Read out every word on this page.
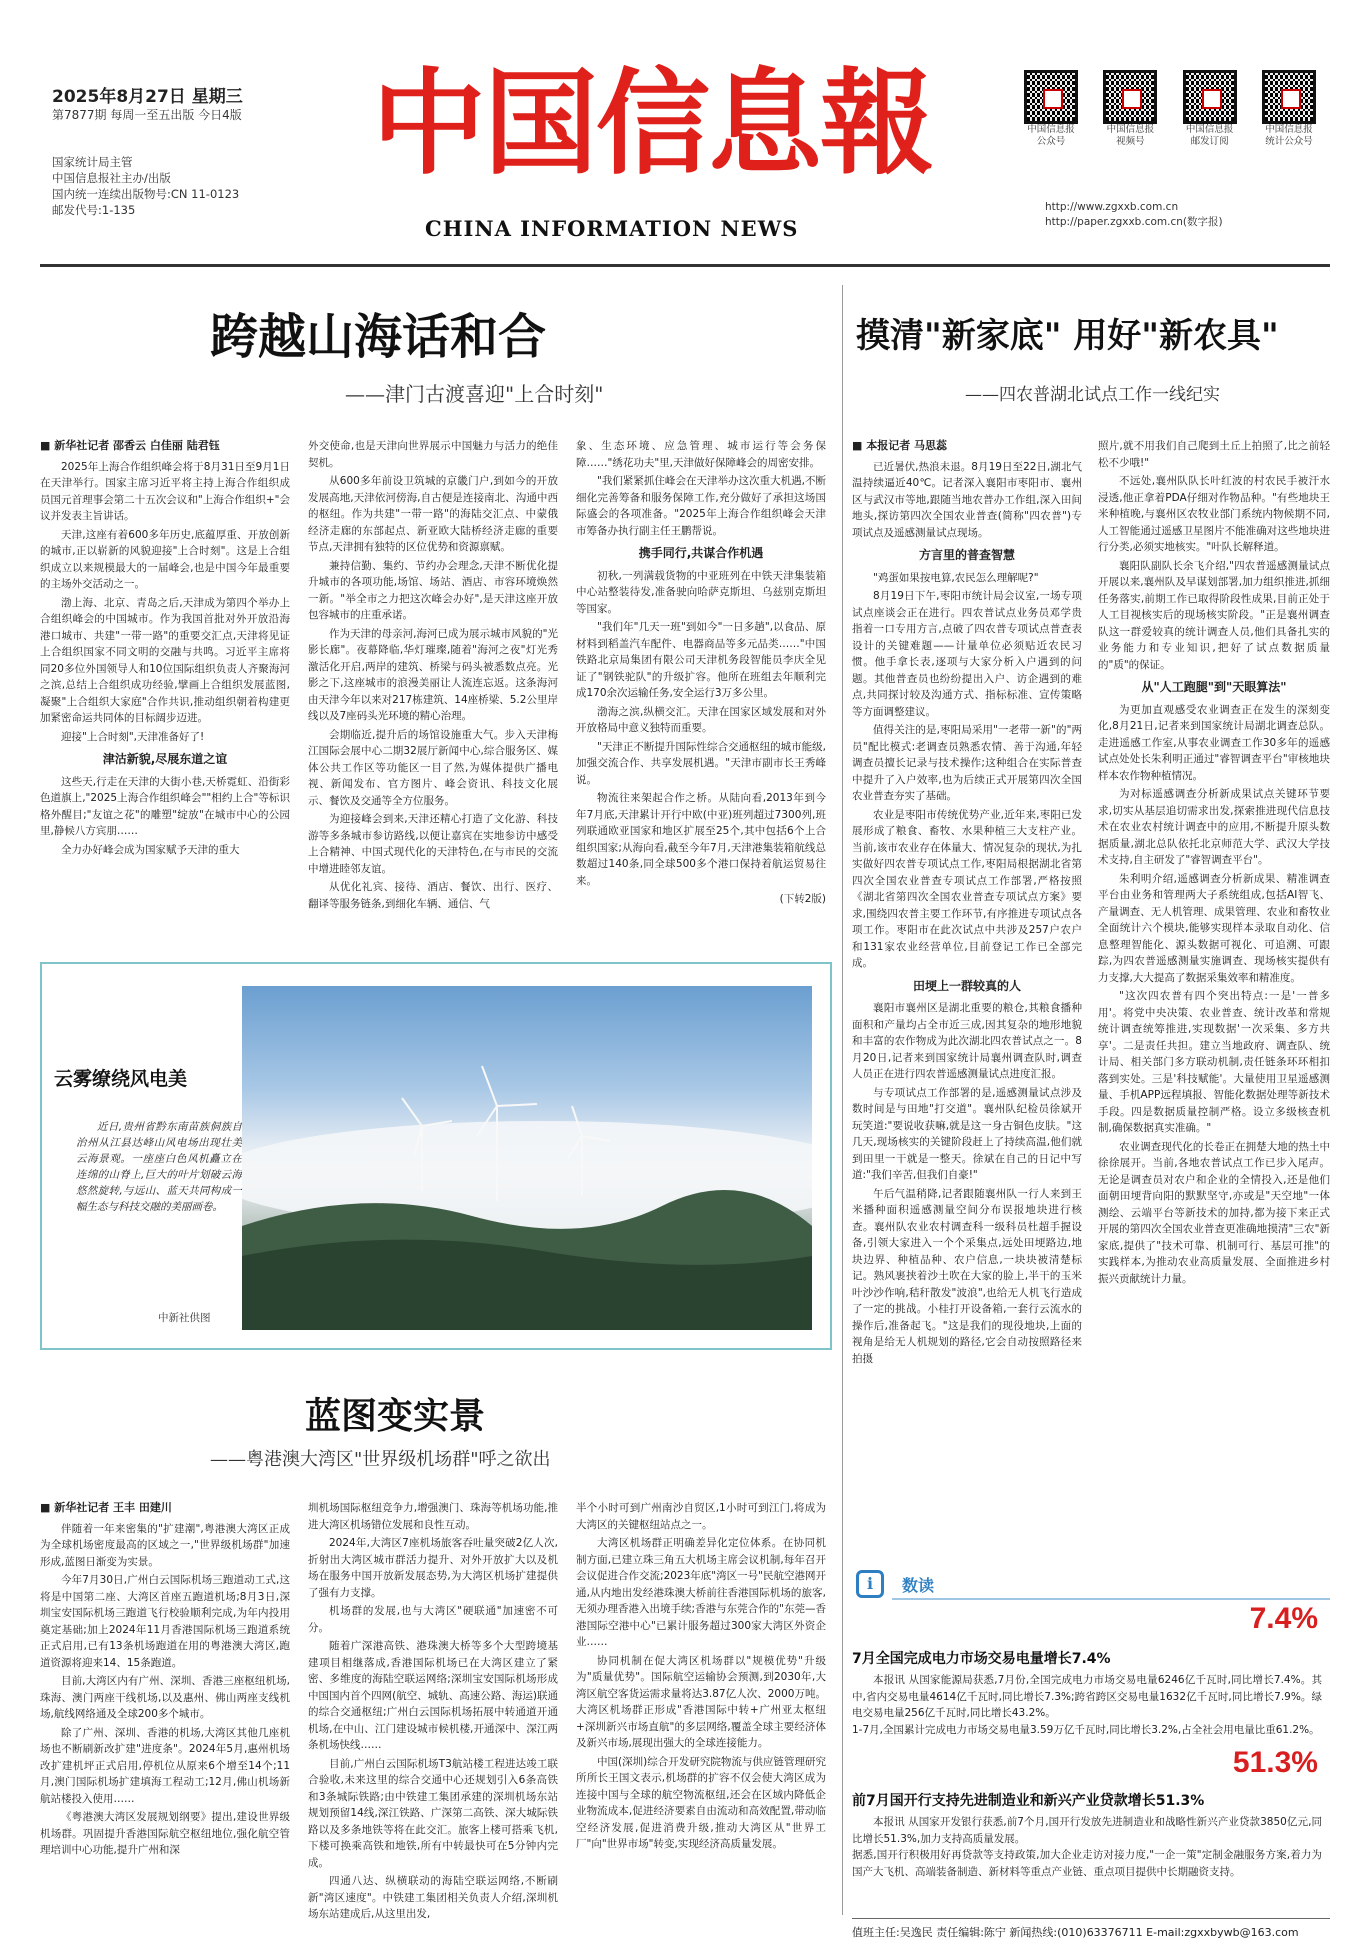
2025年8月27日 星期三
第7877期 每周一至五出版 今日4版
国家统计局主管
中国信息报社主办/出版
国内统一连续出版物号:CN 11-0123
邮发代号:1-135
中国信息報
CHINA INFORMATION NEWS
中国信息报
公众号
中国信息报
视频号
中国信息报
邮发订阅
中国信息报
统计公众号
http://www.zgxxb.com.cn
http://paper.zgxxb.com.cn(数字报)
跨越山海话和合
——津门古渡喜迎"上合时刻"
■ 新华社记者 邵香云 白佳丽 陆君钰

2025年上海合作组织峰会将于8月31日至9月1日在天津举行。国家主席习近平将主持上海合作组织成员国元首理事会第二十五次会议和"上海合作组织+"会议并发表主旨讲话。

天津,这座有着600多年历史,底蕴厚重、开放创新的城市,正以崭新的风貌迎接"上合时刻"。这是上合组织成立以来规模最大的一届峰会,也是中国今年最重要的主场外交活动之一。

渤上海、北京、青岛之后,天津成为第四个举办上合组织峰会的中国城市。作为我国首批对外开放沿海港口城市、共建"一带一路"的重要交汇点,天津将见证上合组织国家不同文明的交融与共鸣。习近平主席将同20多位外国领导人和10位国际组织负责人齐聚海河之滨,总结上合组织成功经验,擘画上合组织发展蓝图,凝聚"上合组织大家庭"合作共识,推动组织朝着构建更加紧密命运共同体的目标阔步迈进。

迎接"上合时刻",天津准备好了!

津沽新貌,尽展东道之谊

这些天,行走在天津的大街小巷,天桥霓虹、沿街彩色道旗上,"2025上海合作组织峰会""相约上合"等标识格外醒目;"友谊之花"的雕塑"绽放"在城市中心的公园里,静候八方宾朋……

全力办好峰会成为国家赋予天津的重大

外交使命,也是天津向世界展示中国魅力与活力的绝佳契机。

从600多年前设卫筑城的京畿门户,到如今的开放发展高地,天津依河傍海,自古便是连接南北、沟通中西的枢纽。作为共建"一带一路"的海陆交汇点、中蒙俄经济走廊的东部起点、新亚欧大陆桥经济走廊的重要节点,天津拥有独特的区位优势和资源禀赋。

兼持信勤、集约、节约办会理念,天津不断优化提升城市的各项功能,场馆、场站、酒店、市容环境焕然一新。"举全市之力把这次峰会办好",是天津这座开放包容城市的庄重承诺。

作为天津的母亲河,海河已成为展示城市风貌的"光影长廊"。夜幕降临,华灯璀璨,随着"海河之夜"灯光秀激活化开启,两岸的建筑、桥梁与码头被悉数点亮。光影之下,这座城市的浪漫美丽让人流连忘返。这条海河由天津今年以来对217栋建筑、14座桥梁、5.2公里岸线以及7座码头光环境的精心治理。

会期临近,提升后的场馆设施重大气。步入天津梅江国际会展中心二期32展厅新闻中心,综合服务区、媒体公共工作区等功能区一目了然,为媒体提供广播电视、新闻发布、官方图片、峰会资讯、科技文化展示、餐饮及交通等全方位服务。

为迎接峰会到来,天津还精心打造了文化游、科技游等多条城市参访路线,以便让嘉宾在实地参访中感受上合精神、中国式现代化的天津特色,在与市民的交流中增进睦邻友谊。

从优化礼宾、接待、酒店、餐饮、出行、医疗、翻译等服务链条,到细化车辆、通信、气

象、生态环境、应急管理、城市运行等会务保障……"绣花功夫"里,天津做好保障峰会的周密安排。

"我们紧紧抓住峰会在天津举办这次重大机遇,不断细化完善筹备和服务保障工作,充分做好了承担这场国际盛会的各项准备。"2025年上海合作组织峰会天津市筹备办执行副主任王鹏帮说。

携手同行,共谋合作机遇

初秋,一列满载货物的中亚班列在中铁天津集装箱中心站整装待发,准备驶向哈萨克斯坦、乌兹别克斯坦等国家。

"我们年"几天一班"到如今"一日多趟",以食品、原材料到稻盖汽车配件、电器商品等多元品类……"中国铁路北京局集团有限公司天津机务段智能员李庆全见证了"钢铁驼队"的升级扩容。他所在班组去年顺利完成170余次运输任务,安全运行3万多公里。

渤海之滨,纵横交汇。天津在国家区域发展和对外开放格局中意义独特而重要。

"天津正不断提升国际性综合交通枢纽的城市能级,加强交流合作、共享发展机遇。"天津市副市长王秀峰说。

物流往来架起合作之桥。从陆向看,2013年到今年7月底,天津累计开行中欧(中亚)班列超过7300列,班列联通欧亚国家和地区扩展至25个,其中包括6个上合组织国家;从海向看,截至今年7月,天津港集装箱航线总数超过140条,同全球500多个港口保持着航运贸易往来。

(下转2版)
云雾缭绕风电美
近日,贵州省黔东南苗族侗族自治州从江县达峰山风电场出现壮美云海景观。一座座白色风机矗立在连绵的山脊上,巨大的叶片划破云海悠然旋转,与远山、蓝天共同构成一幅生态与科技交融的美丽画卷。
中新社供图
蓝图变实景
——粤港澳大湾区"世界级机场群"呼之欲出
■ 新华社记者 王丰 田建川

伴随着一年来密集的"扩建潮",粤港澳大湾区正成为全球机场密度最高的区域之一,"世界级机场群"加速形成,蓝图日渐变为实景。

今年7月30日,广州白云国际机场三跑道动工式,这将是中国第二座、大湾区首座五跑道机场;8月3日,深圳宝安国际机场三跑道飞行校验顺利完成,为年内投用奠定基础;加上2024年11月香港国际机场三跑道系统正式启用,已有13条机场跑道在用的粤港澳大湾区,跑道资源将迎来14、15条跑道。

目前,大湾区内有广州、深圳、香港三座枢纽机场,珠海、澳门两座干线机场,以及惠州、佛山两座支线机场,航线网络通及全球200多个城市。

除了广州、深圳、香港的机场,大湾区其他几座机场也不断刷新改扩建"进度条"。2024年5月,惠州机场改扩建机坪正式启用,停机位从原来6个增至14个;11月,澳门国际机场扩建填海工程动工;12月,佛山机场新航站楼投入使用……

《粤港澳大湾区发展规划纲要》提出,建设世界级机场群。巩固提升香港国际航空枢纽地位,强化航空管理培训中心功能,提升广州和深

圳机场国际枢纽竞争力,增强澳门、珠海等机场功能,推进大湾区机场错位发展和良性互动。

2024年,大湾区7座机场旅客吞吐量突破2亿人次,折射出大湾区城市群活力提升、对外开放扩大以及机场在服务中国开放新发展态势,为大湾区机场扩建提供了强有力支撑。

机场群的发展,也与大湾区"硬联通"加速密不可分。

随着广深港高铁、港珠澳大桥等多个大型跨境基建项目相继落成,香港国际机场已在大湾区建立了紧密、多维度的海陆空联运网络;深圳宝安国际机场形成中国国内首个四网(航空、城轨、高速公路、海运)联通的综合交通枢纽;广州白云国际机场拓展中转通道开通机场,在中山、江门建设城市候机楼,开通深中、深江两条机场快线……

目前,广州白云国际机场T3航站楼工程进达竣工联合验收,未来这里的综合交通中心还规划引入6条高铁和3条城际铁路;由中铁建工集团承建的深圳机场东站规划预留14线,深江铁路、广深第二高铁、深大城际铁路以及多条地铁等将在此交汇。旅客上楼可搭乘飞机,下楼可换乘高铁和地铁,所有中转最快可在5分钟内完成。

四通八达、纵横联动的海陆空联运网络,不断刷新"湾区速度"。中铁建工集团相关负责人介绍,深圳机场东站建成后,从这里出发,

半个小时可到广州南沙自贸区,1小时可到江门,将成为大湾区的关键枢纽站点之一。

大湾区机场群正明确差异化定位体系。在协同机制方面,已建立珠三角五大机场主席会议机制,每年召开会议促进合作交流;2023年底"湾区一号"民航空港网开通,从内地出发经港珠澳大桥前往香港国际机场的旅客,无须办理香港入出境手续;香港与东莞合作的"东莞—香港国际空港中心"已累计服务超过300家大湾区外资企业……

协同机制在促大湾区机场群以"规模优势"升级为"质量优势"。国际航空运输协会预测,到2030年,大湾区航空客货运需求量将达3.87亿人次、2000万吨。大湾区机场群正形成"香港国际中转+广州亚太枢纽+深圳新兴市场直航"的多层网络,覆盖全球主要经济体及新兴市场,展现出强大的全球连接能力。

中国(深圳)综合开发研究院物流与供应链管理研究所所长王国文表示,机场群的扩容不仅会使大湾区成为连接中国与全球的航空物流枢纽,还会在区域内降低企业物流成本,促进经济要素自由流动和高效配置,带动临空经济发展,促进消费升级,推动大湾区从"世界工厂"向"世界市场"转变,实现经济高质量发展。

摸清"新家底" 用好"新农具"
——四农普湖北试点工作一线纪实
■ 本报记者 马思蕊

已近暑伏,热浪未退。8月19日至22日,湖北气温持续逼近40℃。记者深入襄阳市枣阳市、襄州区与武汉市等地,跟随当地农普办工作组,深入田间地头,探访第四次全国农业普查(简称"四农普")专项试点及遥感测量试点现场。

方言里的普查智慧

"鸡蛋如果按电算,农民怎么理解呢?"

8月19日下午,枣阳市统计局会议室,一场专项试点座谈会正在进行。四农普试点业务员邓学贵指着一口专用方言,点破了四农普专项试点普查表设计的关键难题——计量单位必须贴近农民习惯。他手拿长表,逐项与大家分析入户遇到的问题。其他普查员也纷纷提出入户、访企遇到的难点,共同探讨较及沟通方式、指标标准、宣传策略等方面调整建议。

值得关注的是,枣阳局采用"一老带一新"的"两员"配比模式:老调查员熟悉农情、善于沟通,年轻调查员擅长记录与技术操作;这种组合在实际普查中提升了入户效率,也为后续正式开展第四次全国农业普查夯实了基础。

农业是枣阳市传统优势产业,近年来,枣阳已发展形成了粮食、畜牧、水果种植三大支柱产业。当前,该市农业存在体量大、情况复杂的现状,为扎实做好四农普专项试点工作,枣阳局根据湖北省第四次全国农业普查专项试点工作部署,严格按照《湖北省第四次全国农业普查专项试点方案》要求,围绕四农普主要工作环节,有序推进专项试点各项工作。枣阳市在此次试点中共涉及257户农户和131家农业经营单位,目前登记工作已全部完成。

田埂上一群较真的人

襄阳市襄州区是湖北重要的粮仓,其粮食播种面积和产量均占全市近三成,因其复杂的地形地貌和丰富的农作物成为此次湖北四农普试点之一。8月20日,记者来到国家统计局襄州调查队时,调查人员正在进行四农普遥感测量试点进度汇报。

与专项试点工作部署的是,遥感测量试点涉及数时间是与田地"打交道"。襄州队纪检员徐斌开玩笑道:"要说收获嘛,就是这一身古铜色皮肤。"这几天,现场核实的关键阶段赶上了持续高温,他们就到田里一干就是一整天。徐斌在自己的日记中写道:"我们辛苦,但我们自豪!"

午后气温稍降,记者跟随襄州队一行人来到王米播种面积遥感测量空间分布误报地块进行核查。襄州队农业农村调查科一级科员杜超手握设备,引领大家进入一个个采集点,远处田埂路边,地块边界、种植品种、农户信息,一块块被清楚标记。熟风裹挟着沙土吹在大家的脸上,半干的玉米叶沙沙作响,秸秆散发"波浪",也给无人机飞行造成了一定的挑战。小桂打开设备箱,一套行云流水的操作后,准备起飞。"这是我们的现役地块,上面的视角是给无人机规划的路径,它会自动按照路径来拍摄

照片,就不用我们自己爬到土丘上拍照了,比之前轻松不少哦!"

不远处,襄州队队长叶红波的村农民手被汗水浸透,他正拿着PDA仔细对作物品种。"有些地块王米种植晚,与襄州区农牧业部门系统内物候期不同,人工智能通过遥感卫星图片不能准确对这些地块进行分类,必须实地核实。"叶队长解释道。

襄阳队副队长余飞介绍,"四农普遥感测量试点开展以来,襄州队及早谋划部署,加力组织推进,抓细任务落实,前期工作已取得阶段性成果,目前正处于人工目视核实后的现场核实阶段。"正是襄州调查队这一群爱较真的统计调查人员,他们具备扎实的业务能力和专业知识,把好了试点数据质量的"质"的保证。

从"人工跑腿"到"天眼算法"

为更加直观感受农业调查正在发生的深刻变化,8月21日,记者来到国家统计局湖北调查总队。走进遥感工作室,从事农业调查工作30多年的遥感试点处处长朱利明正通过"睿智调查平台"审核地块样本农作物种植情况。

为对标遥感调查分析新成果试点关键环节要求,切实从基层追切需求出发,探索推进现代信息技术在农业农村统计调查中的应用,不断提升原头数据质量,湖北总队依托北京师范大学、武汉大学技术支持,自主研发了"睿智调查平台"。

朱利明介绍,遥感调查分析新成果、精准调查平台由业务和管理两大子系统组成,包括AI智飞、产量调查、无人机管理、成果管理、农业和畜牧业全面统计六个模块,能够实现样本录取自动化、信息整理智能化、源头数据可视化、可追溯、可跟踪,为四农普遥感测量实施调查、现场核实提供有力支撑,大大提高了数据采集效率和精准度。

"这次四农普有四个突出特点:一是'一普多用'。将党中央决策、农业普查、统计改革和常规统计调查统筹推进,实现数据'一次采集、多方共享'。二是责任共担。建立当地政府、调查队、统计局、相关部门多方联动机制,责任链条环环相扣落到实处。三是'科技赋能'。大量使用卫星遥感测量、手机APP远程填报、智能化数据处理等新技术手段。四是数据质量控制严格。设立多级核查机制,确保数据真实准确。"

农业调查现代化的长卷正在拥楚大地的热土中徐徐展开。当前,各地农普试点工作已步入尾声。无论是调查员对农户和企业的全情投入,还是他们面朝田埂背向阳的默默坚守,亦或是"天空地"一体测绘、云端平台等新技术的加持,都为接下来正式开展的第四次全国农业普查更准确地摸清"三农"新家底,提供了"技术可靠、机制可行、基层可推"的实践样本,为推动农业高质量发展、全面推进乡村振兴贡献统计力量。

i	数读
7.4%
7月全国完成电力市场交易电量增长7.4%
本报讯 从国家能源局获悉,7月份,全国完成电力市场交易电量6246亿千瓦时,同比增长7.4%。其中,省内交易电量4614亿千瓦时,同比增长7.3%;跨省跨区交易电量1632亿千瓦时,同比增长7.9%。绿电交易电量256亿千瓦时,同比增长43.2%。
1-7月,全国累计完成电力市场交易电量3.59万亿千瓦时,同比增长3.2%,占全社会用电量比重61.2%。
51.3%
前7月国开行支持先进制造业和新兴产业贷款增长51.3%
本报讯 从国家开发银行获悉,前7个月,国开行发放先进制造业和战略性新兴产业贷款3850亿元,同比增长51.3%,加力支持高质量发展。
据悉,国开行积极用好再贷款等支持政策,加大企业走访对接力度,"一企一策"定制金融服务方案,着力为国产大飞机、高端装备制造、新材料等重点产业链、重点项目提供中长期融资支持。
值班主任:吴逸民 责任编辑:陈宁 新闻热线:(010)63376711 E-mail:zgxxbywb@163.com
